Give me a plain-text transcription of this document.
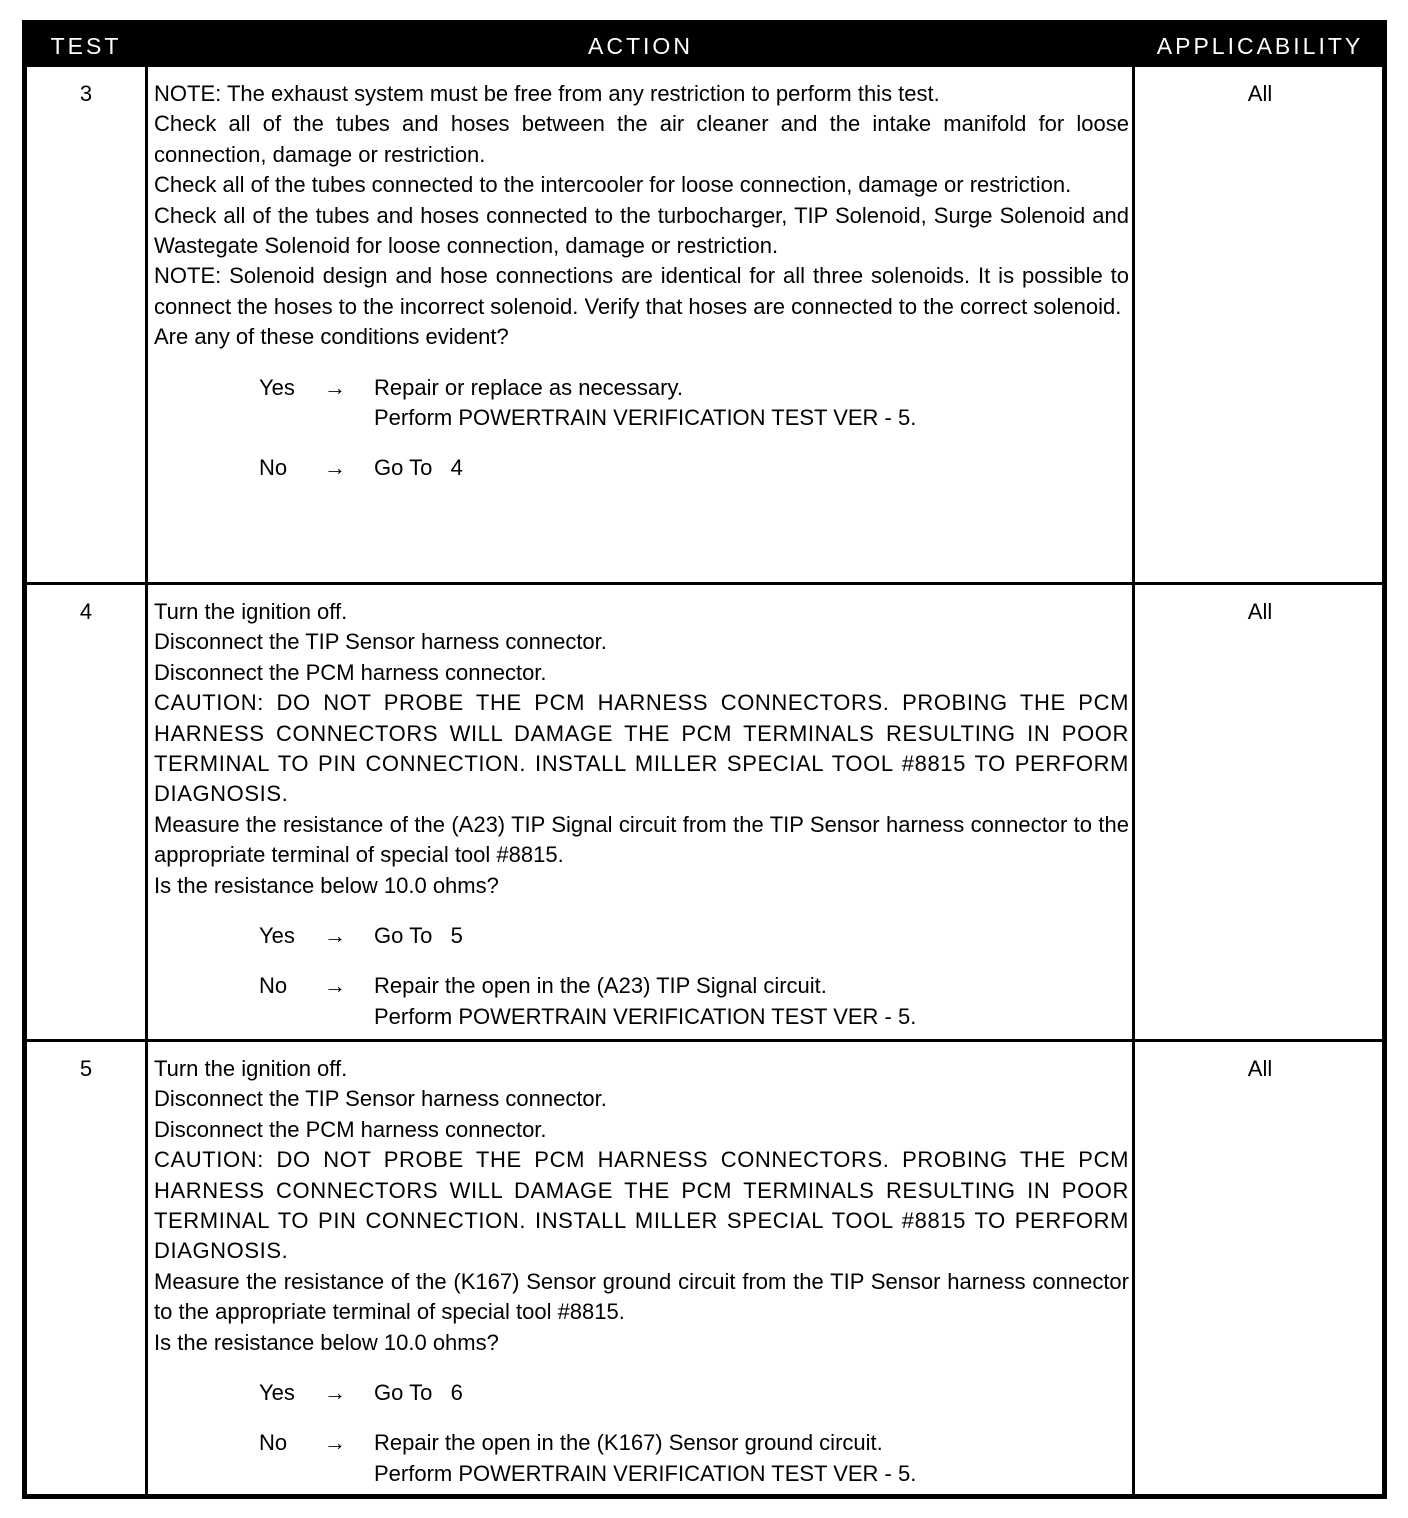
TEST	ACTION	APPLICABILITY
3	NOTE: The exhaust system must be free from any restriction to perform this test.

Check all of the tubes and hoses between the air cleaner and the intake manifold for loose connection, damage or restriction.

Check all of the tubes connected to the intercooler for loose connection, damage or restriction.

Check all of the tubes and hoses connected to the turbocharger, TIP Solenoid, Surge Solenoid and Wastegate Solenoid for loose connection, damage or restriction.

NOTE: Solenoid design and hose connections are identical for all three solenoids. It is possible to connect the hoses to the incorrect solenoid. Verify that hoses are connected to the correct solenoid.

Are any of these conditions evident?

Yes → Repair or replace as necessary.
Perform POWERTRAIN VERIFICATION TEST VER - 5.
No → Go To   4
All
4	Turn the ignition off.

Disconnect the TIP Sensor harness connector.

Disconnect the PCM harness connector.

CAUTION: DO NOT PROBE THE PCM HARNESS CONNECTORS. PROBING THE PCM HARNESS CONNECTORS WILL DAMAGE THE PCM TERMINALS RESULTING IN POOR TERMINAL TO PIN CONNECTION. INSTALL MILLER SPECIAL TOOL #8815 TO PERFORM DIAGNOSIS.

Measure the resistance of the (A23) TIP Signal circuit from the TIP Sensor harness connector to the appropriate terminal of special tool #8815.

Is the resistance below 10.0 ohms?

Yes → Go To   5
No → Repair the open in the (A23) TIP Signal circuit.
Perform POWERTRAIN VERIFICATION TEST VER - 5.
All
5	Turn the ignition off.

Disconnect the TIP Sensor harness connector.

Disconnect the PCM harness connector.

CAUTION: DO NOT PROBE THE PCM HARNESS CONNECTORS. PROBING THE PCM HARNESS CONNECTORS WILL DAMAGE THE PCM TERMINALS RESULTING IN POOR TERMINAL TO PIN CONNECTION. INSTALL MILLER SPECIAL TOOL #8815 TO PERFORM DIAGNOSIS.

Measure the resistance of the (K167) Sensor ground circuit from the TIP Sensor harness connector to the appropriate terminal of special tool #8815.

Is the resistance below 10.0 ohms?

Yes → Go To   6
No → Repair the open in the (K167) Sensor ground circuit.
Perform POWERTRAIN VERIFICATION TEST VER - 5.
All
